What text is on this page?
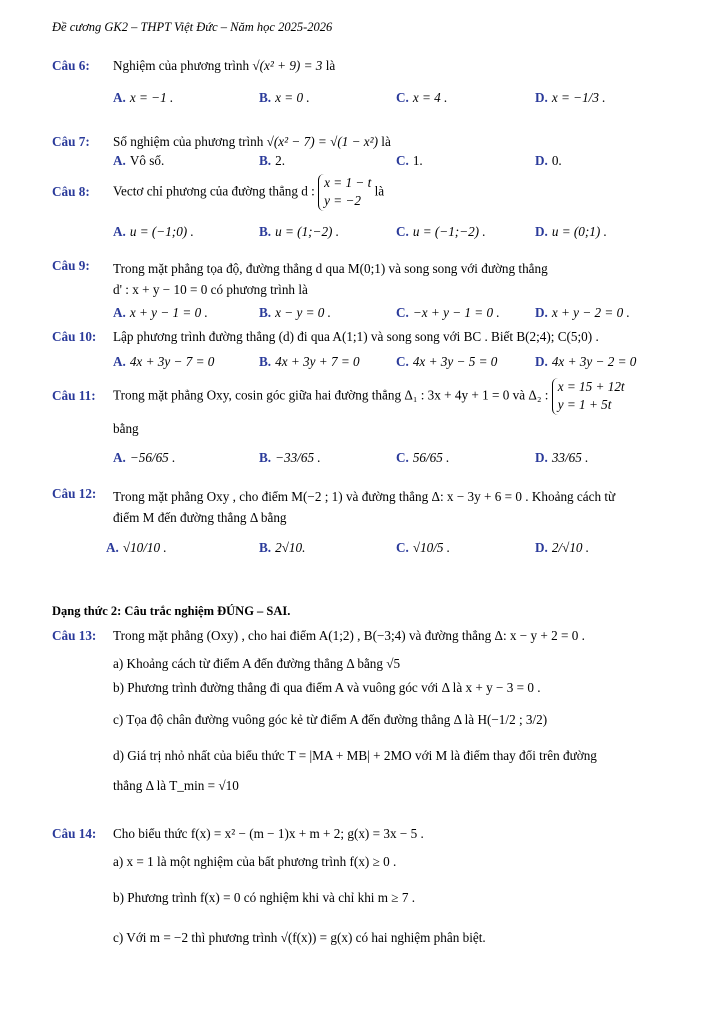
Đề cương GK2 – THPT Việt Đức – Năm học 2025-2026
Câu 6: Nghiệm của phương trình √(x² + 9) = 3 là
A. x = −1 .	B. x = 0 .	C. x = 4 .	D. x = −1/3 .
Câu 7: Số nghiệm của phương trình √(x² − 7) = √(1 − x²) là
A. Vô số.	B. 2.	C. 1.	D. 0.
Câu 8: Vectơ chỉ phương của đường thẳng d : x = 1 − t
y = −2 là
A. u = (−1;0) .	B. u = (1;−2) .	C. u = (−1;−2) .	D. u = (0;1) .
Câu 9: Trong mặt phẳng tọa độ, đường thẳng d qua M(0;1) và song song với đường thẳng
d' : x + y − 10 = 0 có phương trình là
A. x + y − 1 = 0 .	B. x − y = 0 .	C. −x + y − 1 = 0 .	D. x + y − 2 = 0 .
Câu 10: Lập phương trình đường thẳng (d) đi qua A(1;1) và song song với BC . Biết B(2;4); C(5;0) .
A. 4x + 3y − 7 = 0	B. 4x + 3y + 7 = 0	C. 4x + 3y − 5 = 0	D. 4x + 3y − 2 = 0
Câu 11: Trong mặt phẳng Oxy, cosin góc giữa hai đường thẳng Δ₁ : 3x + 4y + 1 = 0 và Δ₂ : x = 15 + 12t
y = 1 + 5t
bằng
A. −56/65 .	B. −33/65 .	C. 56/65 .	D. 33/65 .
Câu 12: Trong mặt phẳng Oxy , cho điểm M(−2 ; 1) và đường thẳng Δ: x − 3y + 6 = 0 . Khoảng cách từ
điểm M đến đường thẳng Δ bằng
A. √10/10 .	B. 2√10.	C. √10/5 .	D. 2/√10 .
Dạng thức 2: Câu trắc nghiệm ĐÚNG – SAI.
Câu 13: Trong mặt phẳng (Oxy) , cho hai điểm A(1;2) , B(−3;4) và đường thẳng Δ: x − y + 2 = 0 .
a) Khoảng cách từ điểm A đến đường thẳng Δ bằng √5
b) Phương trình đường thẳng đi qua điểm A và vuông góc với Δ là x + y − 3 = 0 .
c) Tọa độ chân đường vuông góc kẻ từ điểm A đến đường thẳng Δ là H(−1/2 ; 3/2)
d) Giá trị nhỏ nhất của biểu thức T = |MA + MB| + 2MO với M là điểm thay đổi trên đường
thẳng Δ là T_min = √10
Câu 14: Cho biểu thức f(x) = x² − (m − 1)x + m + 2; g(x) = 3x − 5 .
a) x = 1 là một nghiệm của bất phương trình f(x) ≥ 0 .
b) Phương trình f(x) = 0 có nghiệm khi và chỉ khi m ≥ 7 .
c) Với m = −2 thì phương trình √(f(x)) = g(x) có hai nghiệm phân biệt.
